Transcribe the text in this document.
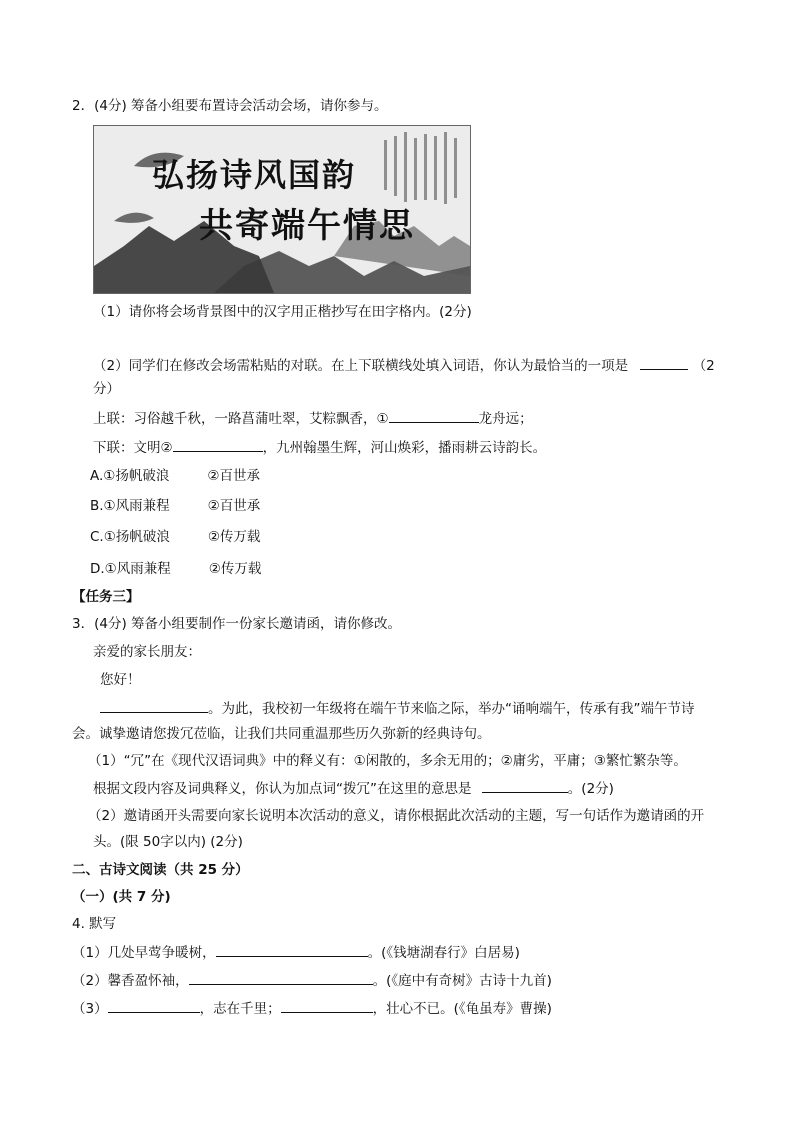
2．(4分) 筹备小组要布置诗会活动会场，请你参与。
弘扬诗风国韵
共寄端午情思
（1）请你将会场背景图中的汉字用正楷抄写在田字格内。(2分)
（2）同学们在修改会场需粘贴的对联。在上下联横线处填入词语，你认为最恰当的一项是	（2
分）
上联：习俗越千秋，一路菖蒲吐翠，艾粽飘香，①	龙舟远；
下联：文明②	，九州翰墨生辉，河山焕彩，播雨耕云诗韵长。
A.①扬帆破浪	②百世承
B.①风雨兼程	②百世承
C.①扬帆破浪	②传万载
D.①风雨兼程	②传万载
【任务三】
3．(4分) 筹备小组要制作一份家长邀请函，请你修改。
亲爱的家长朋友：
您好！
。为此，我校初一年级将在端午节来临之际，举办“诵响端午，传承有我”端午节诗
会。诚挚邀请您拨冗莅临，让我们共同重温那些历久弥新的经典诗句。
（1）“冗”在《现代汉语词典》中的释义有：①闲散的，多余无用的；②庸劣，平庸；③繁忙繁杂等。
根据文段内容及词典释义，你认为加点词“拨冗”在这里的意思是	。(2分)
（2）邀请函开头需要向家长说明本次活动的意义，请你根据此次活动的主题，写一句话作为邀请函的开
头。(限 50字以内) (2分)
二、古诗文阅读（共 25 分）
（一）(共 7 分)
4. 默写
（1）几处早莺争暖树，	。(《钱塘湖春行》白居易)
（2）馨香盈怀袖，	。(《庭中有奇树》古诗十九首)
（3）	，志在千里；	，壮心不已。(《龟虽寿》曹操)
